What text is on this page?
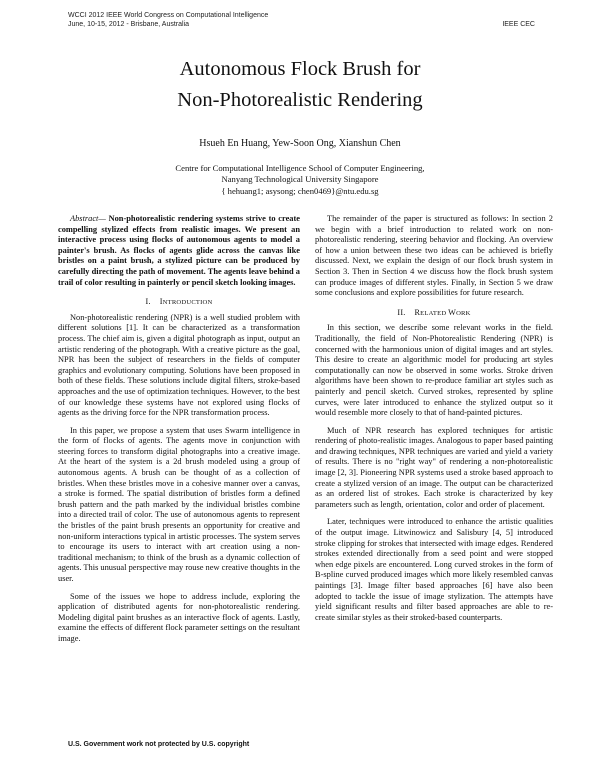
WCCI 2012 IEEE World Congress on Computational Intelligence
June, 10-15, 2012 - Brisbane, Australia	IEEE CEC
Autonomous Flock Brush for
Non-Photorealistic Rendering
Hsueh En Huang, Yew-Soon Ong, Xianshun Chen
Centre for Computational Intelligence School of Computer Engineering,
Nanyang Technological University Singapore
{ hehuang1; asysong; chen0469}@ntu.edu.sg

Abstract— Non-photorealistic rendering systems strive to create compelling stylized effects from realistic images. We present an interactive process using flocks of autonomous agents to model a painter's brush. As flocks of agents glide across the canvas like bristles on a paint brush, a stylized picture can be produced by carefully directing the path of movement. The agents leave behind a trail of color resulting in painterly or pencil sketch looking images.

I. INTRODUCTION

Non-photorealistic rendering (NPR) is a well studied problem with different solutions [1]. It can be characterized as a transformation process. The chief aim is, given a digital photograph as input, output an artistic rendering of the photograph. With a creative picture as the goal, NPR has been the subject of researchers in the fields of computer graphics and evolutionary computing. Solutions have been proposed in both of these fields. These solutions include digital filters, stroke-based approaches and the use of optimization techniques. However, to the best of our knowledge these systems have not explored using flocks of agents as the driving force for the NPR transformation process.

In this paper, we propose a system that uses Swarm intelligence in the form of flocks of agents. The agents move in conjunction with steering forces to transform digital photographs into a creative image. At the heart of the system is a 2d brush modeled using a group of autonomous agents. A brush can be thought of as a collection of bristles. When these bristles move in a cohesive manner over a canvas, a stroke is formed. The spatial distribution of bristles form a defined brush pattern and the path marked by the individual bristles combine into a directed trail of color. The use of autonomous agents to represent the bristles of the paint brush presents an opportunity for creative and non-uniform interactions typical in artistic processes. The system serves to encourage its users to interact with art creation using a non-traditional mechanism; to think of the brush as a dynamic collection of agents. This unusual perspective may rouse new creative thoughts in the user.

Some of the issues we hope to address include, exploring the application of distributed agents for non-photorealistic rendering. Modeling digital paint brushes as an interactive flock of agents. Lastly, examine the effects of different flock parameter settings on the resultant image.

The remainder of the paper is structured as follows: In section 2 we begin with a brief introduction to related work on non-photorealistic rendering, steering behavior and flocking. An overview of how a union between these two ideas can be achieved is briefly discussed. Next, we explain the design of our flock brush system in Section 3. Then in Section 4 we discuss how the flock brush system can produce images of different styles. Finally, in Section 5 we draw some conclusions and explore possibilities for future research.

II. RELATED WORK

In this section, we describe some relevant works in the field. Traditionally, the field of Non-Photorealistic Rendering (NPR) is concerned with the harmonious union of digital images and art styles. This desire to create an algorithmic model for producing art styles computationally can now be observed in some works. Stroke driven algorithms have been shown to re-produce familiar art styles such as painterly and pencil sketch. Curved strokes, represented by spline curves, were later introduced to enhance the stylized output so it would resemble more closely to that of hand-painted pictures.

Much of NPR research has explored techniques for artistic rendering of photo-realistic images. Analogous to paper based painting and drawing techniques, NPR techniques are varied and yield a variety of results. There is no "right way" of rendering a non-photorealistic image [2, 3]. Pioneering NPR systems used a stroke based approach to create a stylized version of an image. The output can be characterized as an ordered list of strokes. Each stroke is characterized by key parameters such as length, orientation, color and order of placement.

Later, techniques were introduced to enhance the artistic qualities of the output image. Litwinowicz and Salisbury [4, 5] introduced stroke clipping for strokes that intersected with image edges. Rendered strokes extended directionally from a seed point and were stopped when edge pixels are encountered. Long curved strokes in the form of B-spline curved produced images which more likely resembled canvas paintings [3]. Image filter based approaches [6] have also been adopted to tackle the issue of image stylization. The attempts have yield significant results and filter based approaches are able to re-create similar styles as their stroked-based counterparts.

U.S. Government work not protected by U.S. copyright
